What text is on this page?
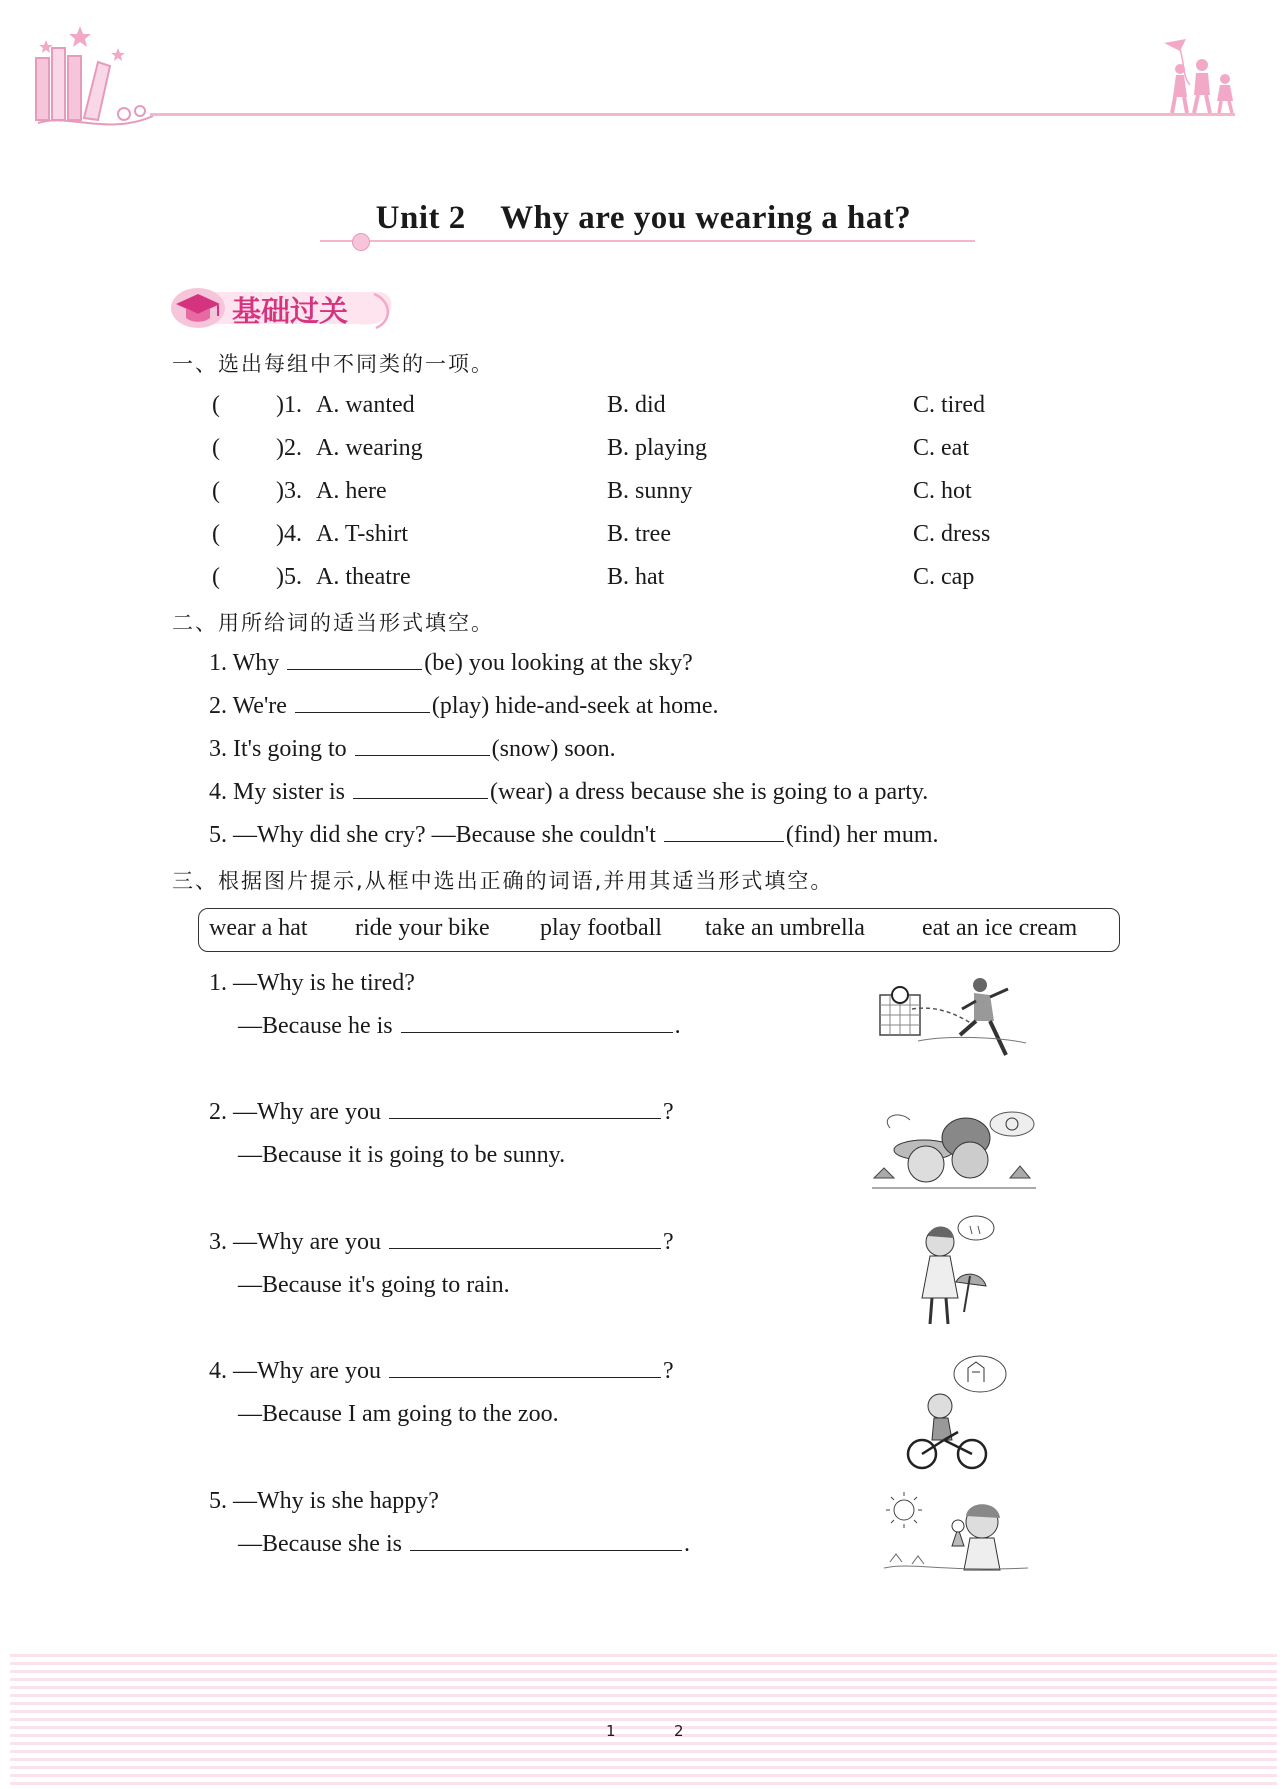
Unit 2    Why are you wearing a hat?
基础过关
一、选出每组中不同类的一项。
( )1. A. wanted	B. did	C. tired
( )2. A. wearing	B. playing	C. eat
( )3. A. here	B. sunny	C. hot
( )4. A. T-shirt	B. tree	C. dress
( )5. A. theatre	B. hat	C. cap
二、用所给词的适当形式填空。
1. Why	(be) you looking at the sky?
2. We're	(play) hide-and-seek at home.
3. It's going to	(snow) soon.
4. My sister is	(wear) a dress because she is going to a party.
5. —Why did she cry? —Because she couldn't	(find) her mum.
三、根据图片提示,从框中选出正确的词语,并用其适当形式填空。
wear a hat ride your bike play football take an umbrella eat an ice cream
1. —Why is he tired?
—Because he is	.
2. —Why are you	?
—Because it is going to be sunny.
3. —Why are you	?
—Because it's going to rain.
4. —Why are you	?
—Because I am going to the zoo.
5. —Why is she happy?
—Because she is	.
1	2
